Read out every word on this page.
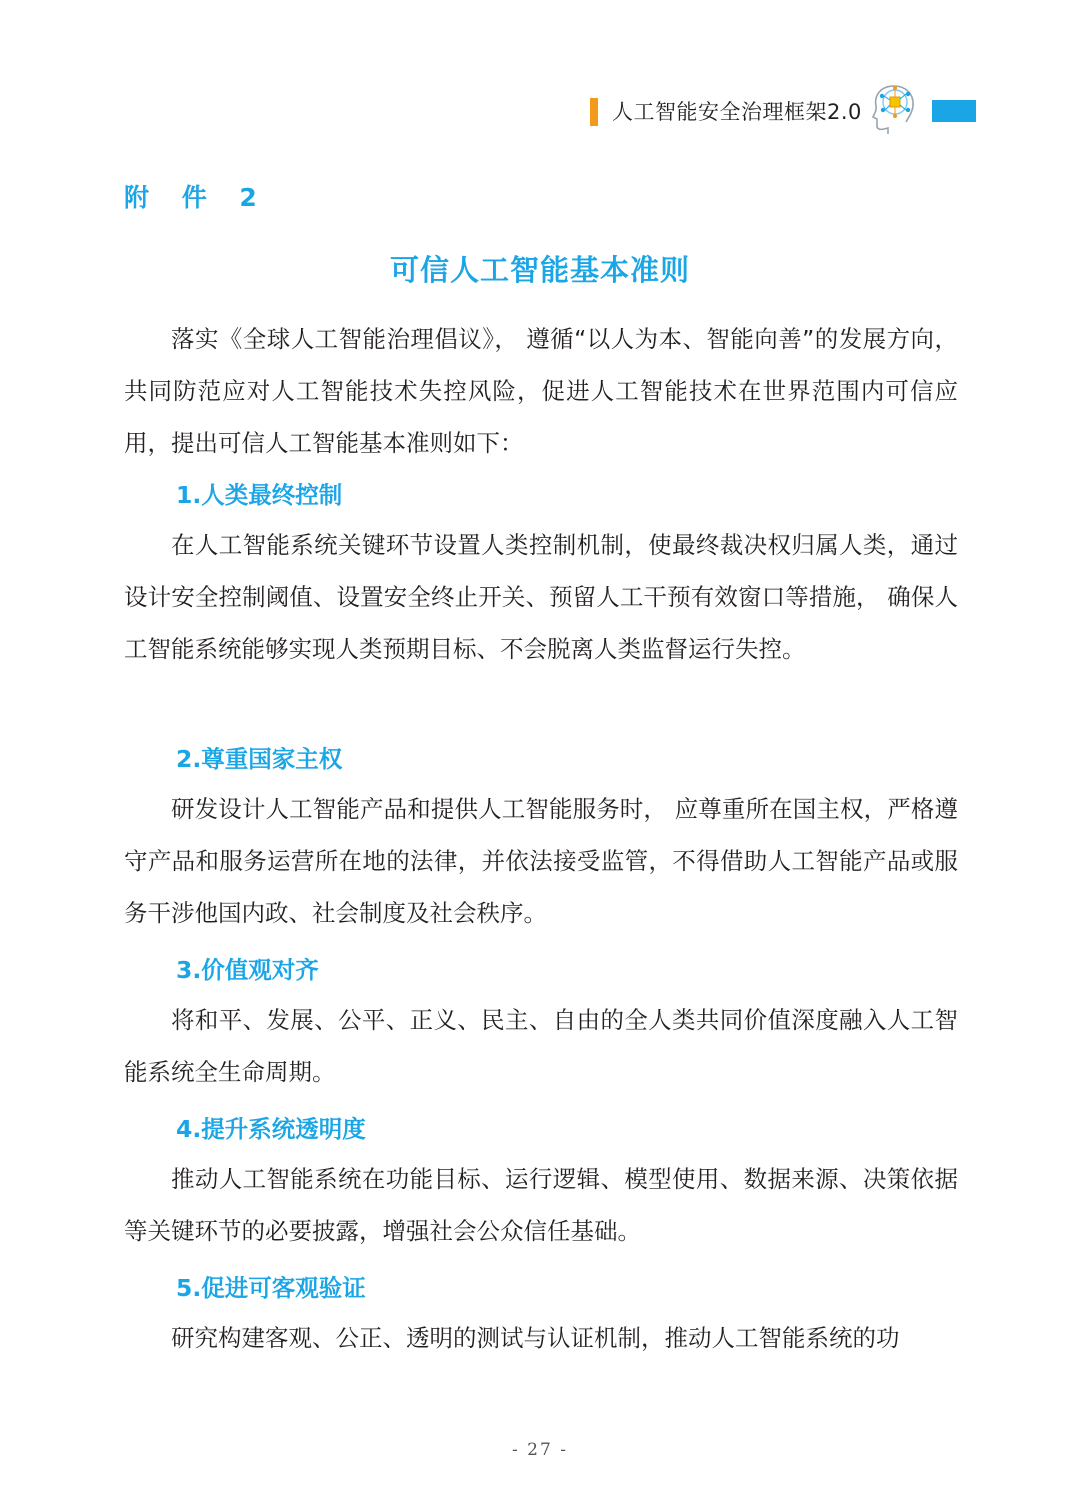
人工智能安全治理框架2.0
附 件 2
可信人工智能基本准则

落实《全球人工智能治理倡议》， 遵循“以人为本、智能向善”的发展方向，共同防范应对人工智能技术失控风险，促进人工智能技术在世界范围内可信应用，提出可信人工智能基本准则如下：

1.人类最终控制

在人工智能系统关键环节设置人类控制机制，使最终裁决权归属人类，通过设计安全控制阈值、设置安全终止开关、预留人工干预有效窗口等措施， 确保人工智能系统能够实现人类预期目标、不会脱离人类监督运行失控。

2.尊重国家主权

研发设计人工智能产品和提供人工智能服务时， 应尊重所在国主权，严格遵守产品和服务运营所在地的法律，并依法接受监管，不得借助人工智能产品或服务干涉他国内政、社会制度及社会秩序。

3.价值观对齐

将和平、发展、公平、正义、民主、自由的全人类共同价值深度融入人工智能系统全生命周期。

4.提升系统透明度

推动人工智能系统在功能目标、运行逻辑、模型使用、数据来源、决策依据等关键环节的必要披露，增强社会公众信任基础。

5.促进可客观验证

研究构建客观、公正、透明的测试与认证机制，推动人工智能系统的功

- 27 -
